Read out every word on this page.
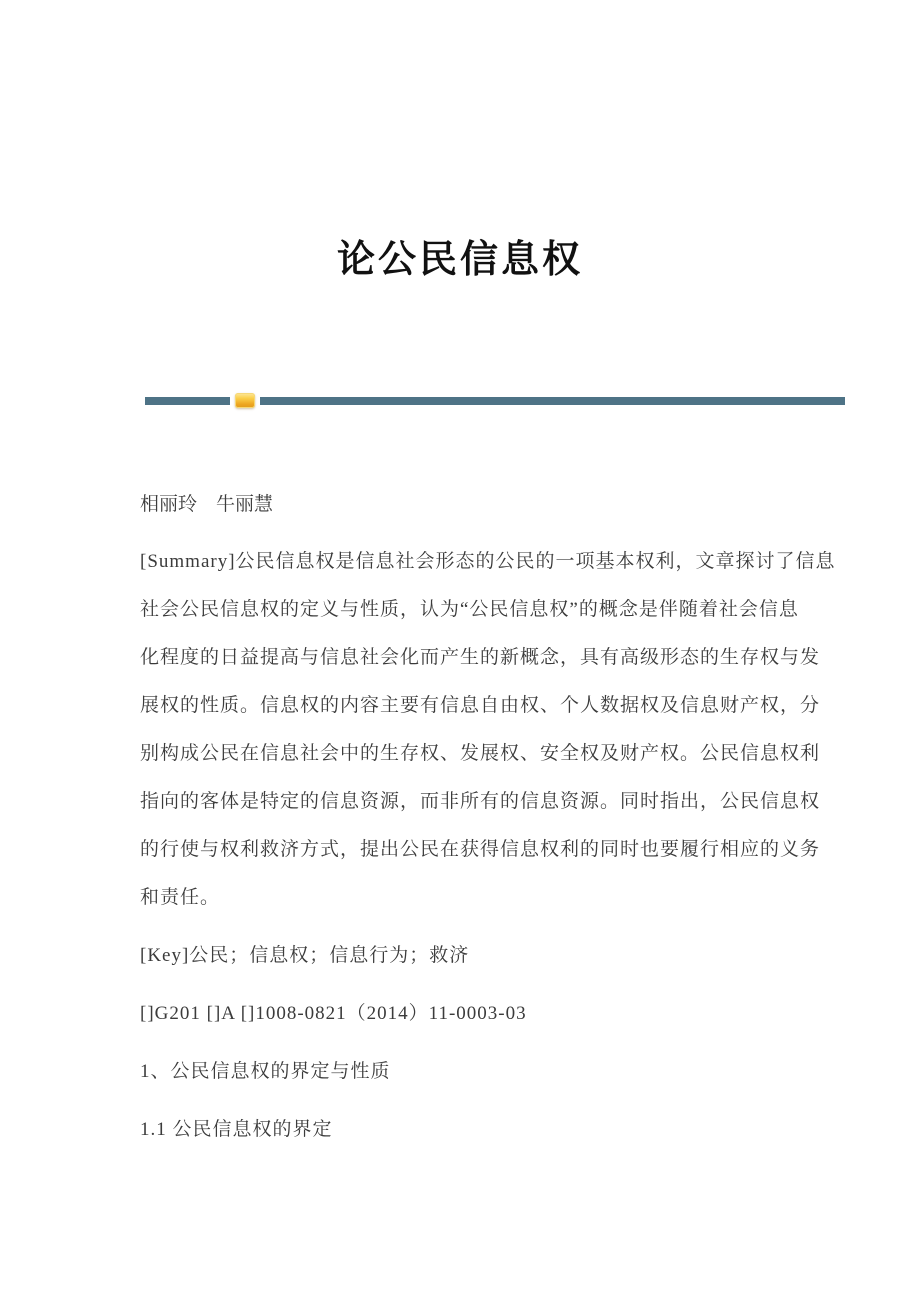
论公民信息权
相丽玲　牛丽慧
[Summary]公民信息权是信息社会形态的公民的一项基本权利，文章探讨了信息
社会公民信息权的定义与性质，认为“公民信息权”的概念是伴随着社会信息
化程度的日益提高与信息社会化而产生的新概念，具有高级形态的生存权与发
展权的性质。信息权的内容主要有信息自由权、个人数据权及信息财产权，分
别构成公民在信息社会中的生存权、发展权、安全权及财产权。公民信息权利
指向的客体是特定的信息资源，而非所有的信息资源。同时指出，公民信息权
的行使与权利救济方式，提出公民在获得信息权利的同时也要履行相应的义务
和责任。
[Key]公民；信息权；信息行为；救济
[]G201 []A []1008-0821（2014）11-0003-03
1、公民信息权的界定与性质
1.1 公民信息权的界定
